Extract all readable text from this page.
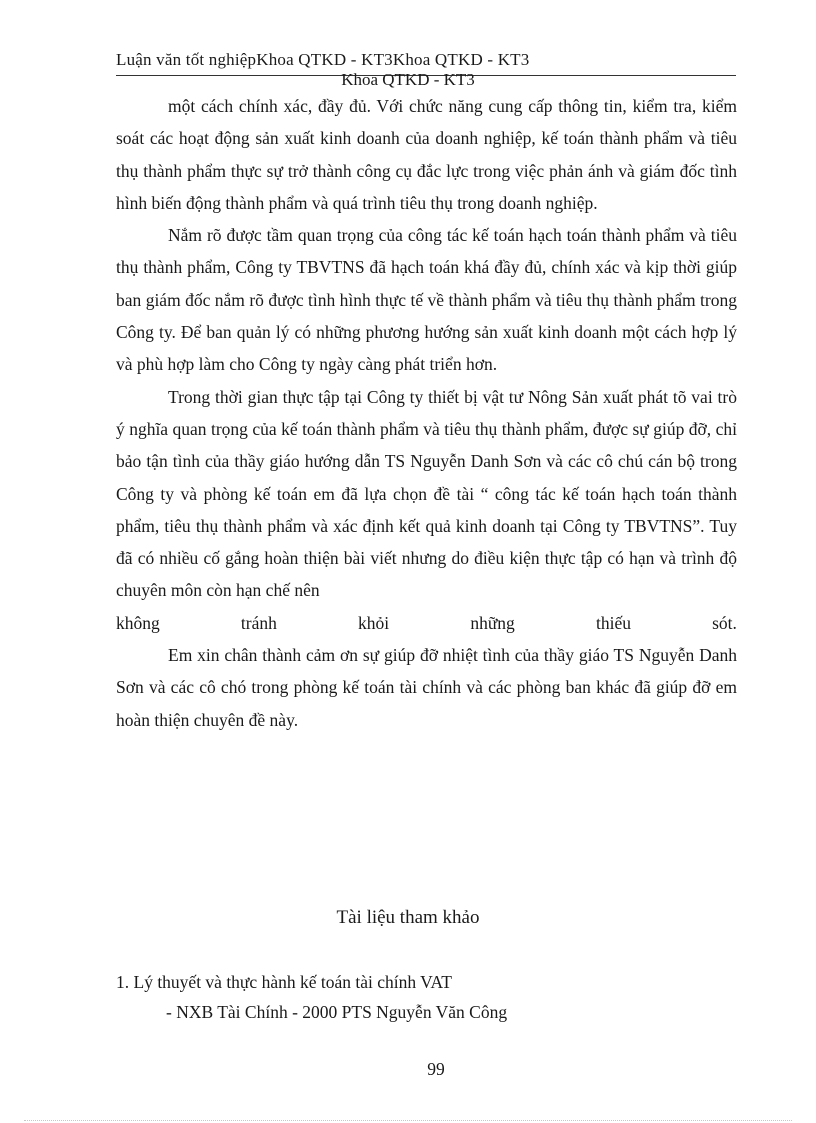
Luận văn tốt nghiệpKhoa QTKD - KT3Khoa QTKD - KT3
Khoa QTKD - KT3

một cách chính xác, đầy đủ. Với chức năng cung cấp thông tin, kiểm tra, kiểm soát các hoạt động sản xuất kinh doanh của doanh nghiệp, kế toán thành phẩm và tiêu thụ thành phẩm thực sự trở thành công cụ đắc lực trong việc phản ánh và giám đốc tình hình biến động thành phẩm và quá trình tiêu thụ trong doanh nghiệp.

Nắm rõ được tầm quan trọng của công tác kế toán hạch toán thành phẩm và tiêu thụ thành phẩm, Công ty TBVTNS đã hạch toán khá đầy đủ, chính xác và kịp thời giúp ban giám đốc nắm rõ được tình hình thực tế về thành phẩm và tiêu thụ thành phẩm trong Công ty. Để ban quản lý có những phương hướng sản xuất kinh doanh một cách hợp lý và phù hợp làm cho Công ty ngày càng phát triển hơn.

Trong thời gian thực tập tại Công ty thiết bị vật tư Nông Sản xuất phát tõ vai trò ý nghĩa quan trọng của kế toán thành phẩm và tiêu thụ thành phẩm, được sự giúp đỡ, chỉ bảo tận tình của thầy giáo hướng dẫn TS Nguyễn Danh Sơn và các cô chú cán bộ trong Công ty và phòng kế toán em đã lựa chọn đề tài “ công tác kế toán hạch toán thành phẩm, tiêu thụ thành phẩm và xác định kết quả kinh doanh tại Công ty TBVTNS”. Tuy đã có nhiều cố gắng hoàn thiện bài viết nhưng do điều kiện thực tập có hạn và trình độ chuyên môn còn hạn chế nên

không	tránh	khỏi	những	thiếu	sót.

Em xin chân thành cảm ơn sự giúp đỡ nhiệt tình của thầy giáo TS Nguyễn Danh Sơn và các cô chó trong phòng kế toán tài chính và các phòng ban khác đã giúp đỡ em hoàn thiện chuyên đề này.

Tài liệu tham khảo
1. Lý thuyết và thực hành kế toán tài chính VAT
- NXB Tài Chính - 2000 PTS Nguyễn Văn Công
99
